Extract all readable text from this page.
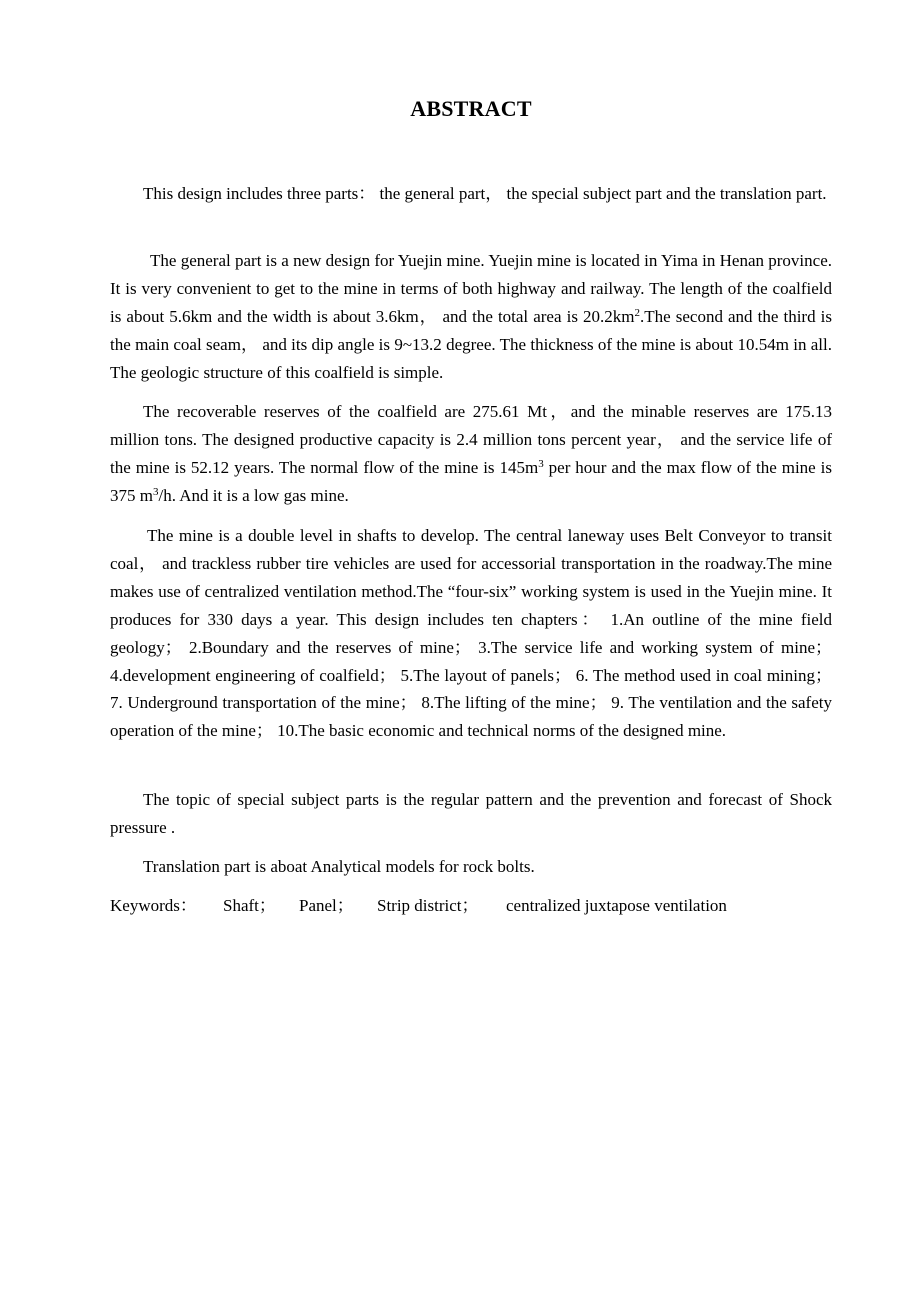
ABSTRACT
This design includes three parts： the general part， the special subject part and the translation part.
The general part is a new design for Yuejin mine. Yuejin mine is located in Yima in Henan province. It is very convenient to get to the mine in terms of both highway and railway. The length of the coalfield is about 5.6km and the width is about 3.6km， and the total area is $20.2km^2.The$ second and the third is the main coal seam， and its dip angle is 9~13.2 degree. The thickness of the mine is about 10.54m in all. The geologic structure of this coalfield is simple.
The recoverable reserves of the coalfield are 275.61 Mt，and the minable reserves are 175.13 million tons. The designed productive capacity is 2.4 million tons percent year， and the service life of the mine is 52.12 years. The normal flow of the mine is $145m^3$ per hour and the max flow of the mine is 375 $m^3/h$. And it is a low gas mine.
The mine is a double level in shafts to develop. The central laneway uses Belt Conveyor to transit coal， and trackless rubber tire vehicles are used for accessorial transportation in the roadway.The mine makes use of centralized ventilation method.The “four-six” working system is used in the Yuejin mine. It produces for 330 days a year. This design includes ten chapters： 1.An outline of the mine field geology； 2.Boundary and the reserves of mine； 3.The service life and working system of mine； 4.development engineering of coalfield； 5.The layout of panels； 6. The method used in coal mining； 7. Underground transportation of the mine； 8.The lifting of the mine； 9. The ventilation and the safety operation of the mine； 10.The basic economic and technical norms of the designed mine.
The topic of special subject parts is the regular pattern and the prevention and forecast of Shock pressure .
Translation part is aboat Analytical models for rock bolts.
Keywords： Shaft； Panel； Strip district； centralized juxtapose ventilation
